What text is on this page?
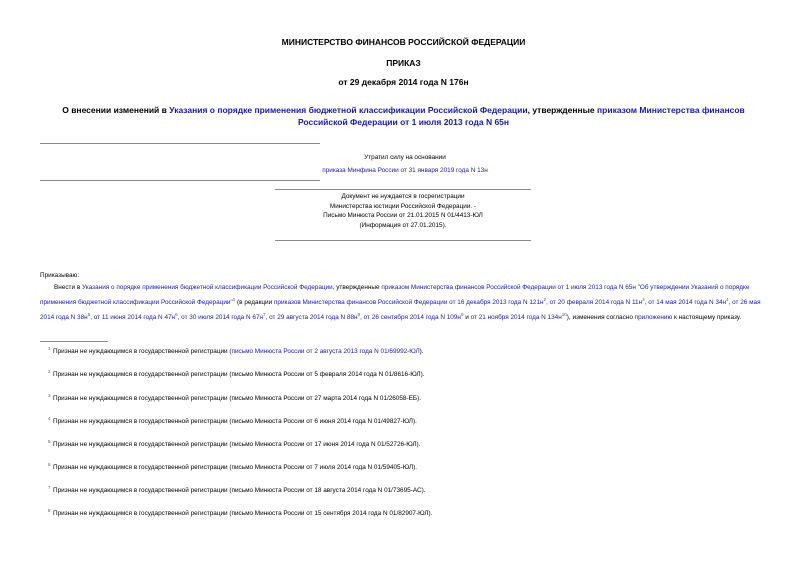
МИНИСТЕРСТВО ФИНАНСОВ РОССИЙСКОЙ ФЕДЕРАЦИИ
ПРИКАЗ
от 29 декабря 2014 года N 176н
О внесении изменений в Указания о порядке применения бюджетной классификации Российской Федерации, утвержденные приказом Министерства финансов Российской Федерации от 1 июля 2013 года N 65н
Утратил силу на основании
приказа Минфина России от 31 января 2019 года N 13н
Документ не нуждается в госрегистрации
Министерства юстиции Российской Федерации. -
Письмо Минюста России от 21.01.2015 N 01/4413-ЮЛ
(Информация от 27.01.2015).
Приказываю:
Внести в Указания о порядке применения бюджетной классификации Российской Федерации, утвержденные приказом Министерства финансов Российской Федерации от 1 июля 2013 года N 65н "Об утверждении Указаний о порядке применения бюджетной классификации Российской Федерации"$^1$ (в редакции приказов Министерства финансов Российской Федерации от 16 декабря 2013 года N $121н^2$, от 20 февраля 2014 года N $11н^3$, от 14 мая 2014 года N $34н^4$, от 26 мая 2014 года N $38н^5$, от 11 июня 2014 года N $47н^6$, от 30 июля 2014 года N $67н^7$, от 29 августа 2014 года N $88н^8$, от 26 сентября 2014 года N $109н^9$ и от 21 ноября 2014 года N $134н^{10}$), изменения согласно приложению к настоящему приказу.
1 Признан не нуждающимся в государственной регистрации (письмо Минюста России от 2 августа 2013 года N 01/69992-ЮЛ).
2 Признан не нуждающимся в государственной регистрации (письмо Минюста России от 5 февраля 2014 года N 01/8616-ЮЛ).
3 Признан не нуждающимся в государственной регистрации (письмо Минюста России от 27 марта 2014 года N 01/26058-ЕБ).
4 Признан не нуждающимся в государственной регистрации (письмо Минюста России от 6 июня 2014 года N 01/49827-ЮЛ).
5 Признан не нуждающимся в государственной регистрации (письмо Минюста России от 17 июня 2014 года N 01/52726-ЮЛ).
6 Признан не нуждающимся в государственной регистрации (письмо Минюста России от 7 июля 2014 года N 01/59405-ЮЛ).
7 Признан не нуждающимся в государственной регистрации (письмо Минюста России от 18 августа 2014 года N 01/73695-АС).
8 Признан не нуждающимся в государственной регистрации (письмо Минюста России от 15 сентября 2014 года N 01/82907-ЮЛ).
